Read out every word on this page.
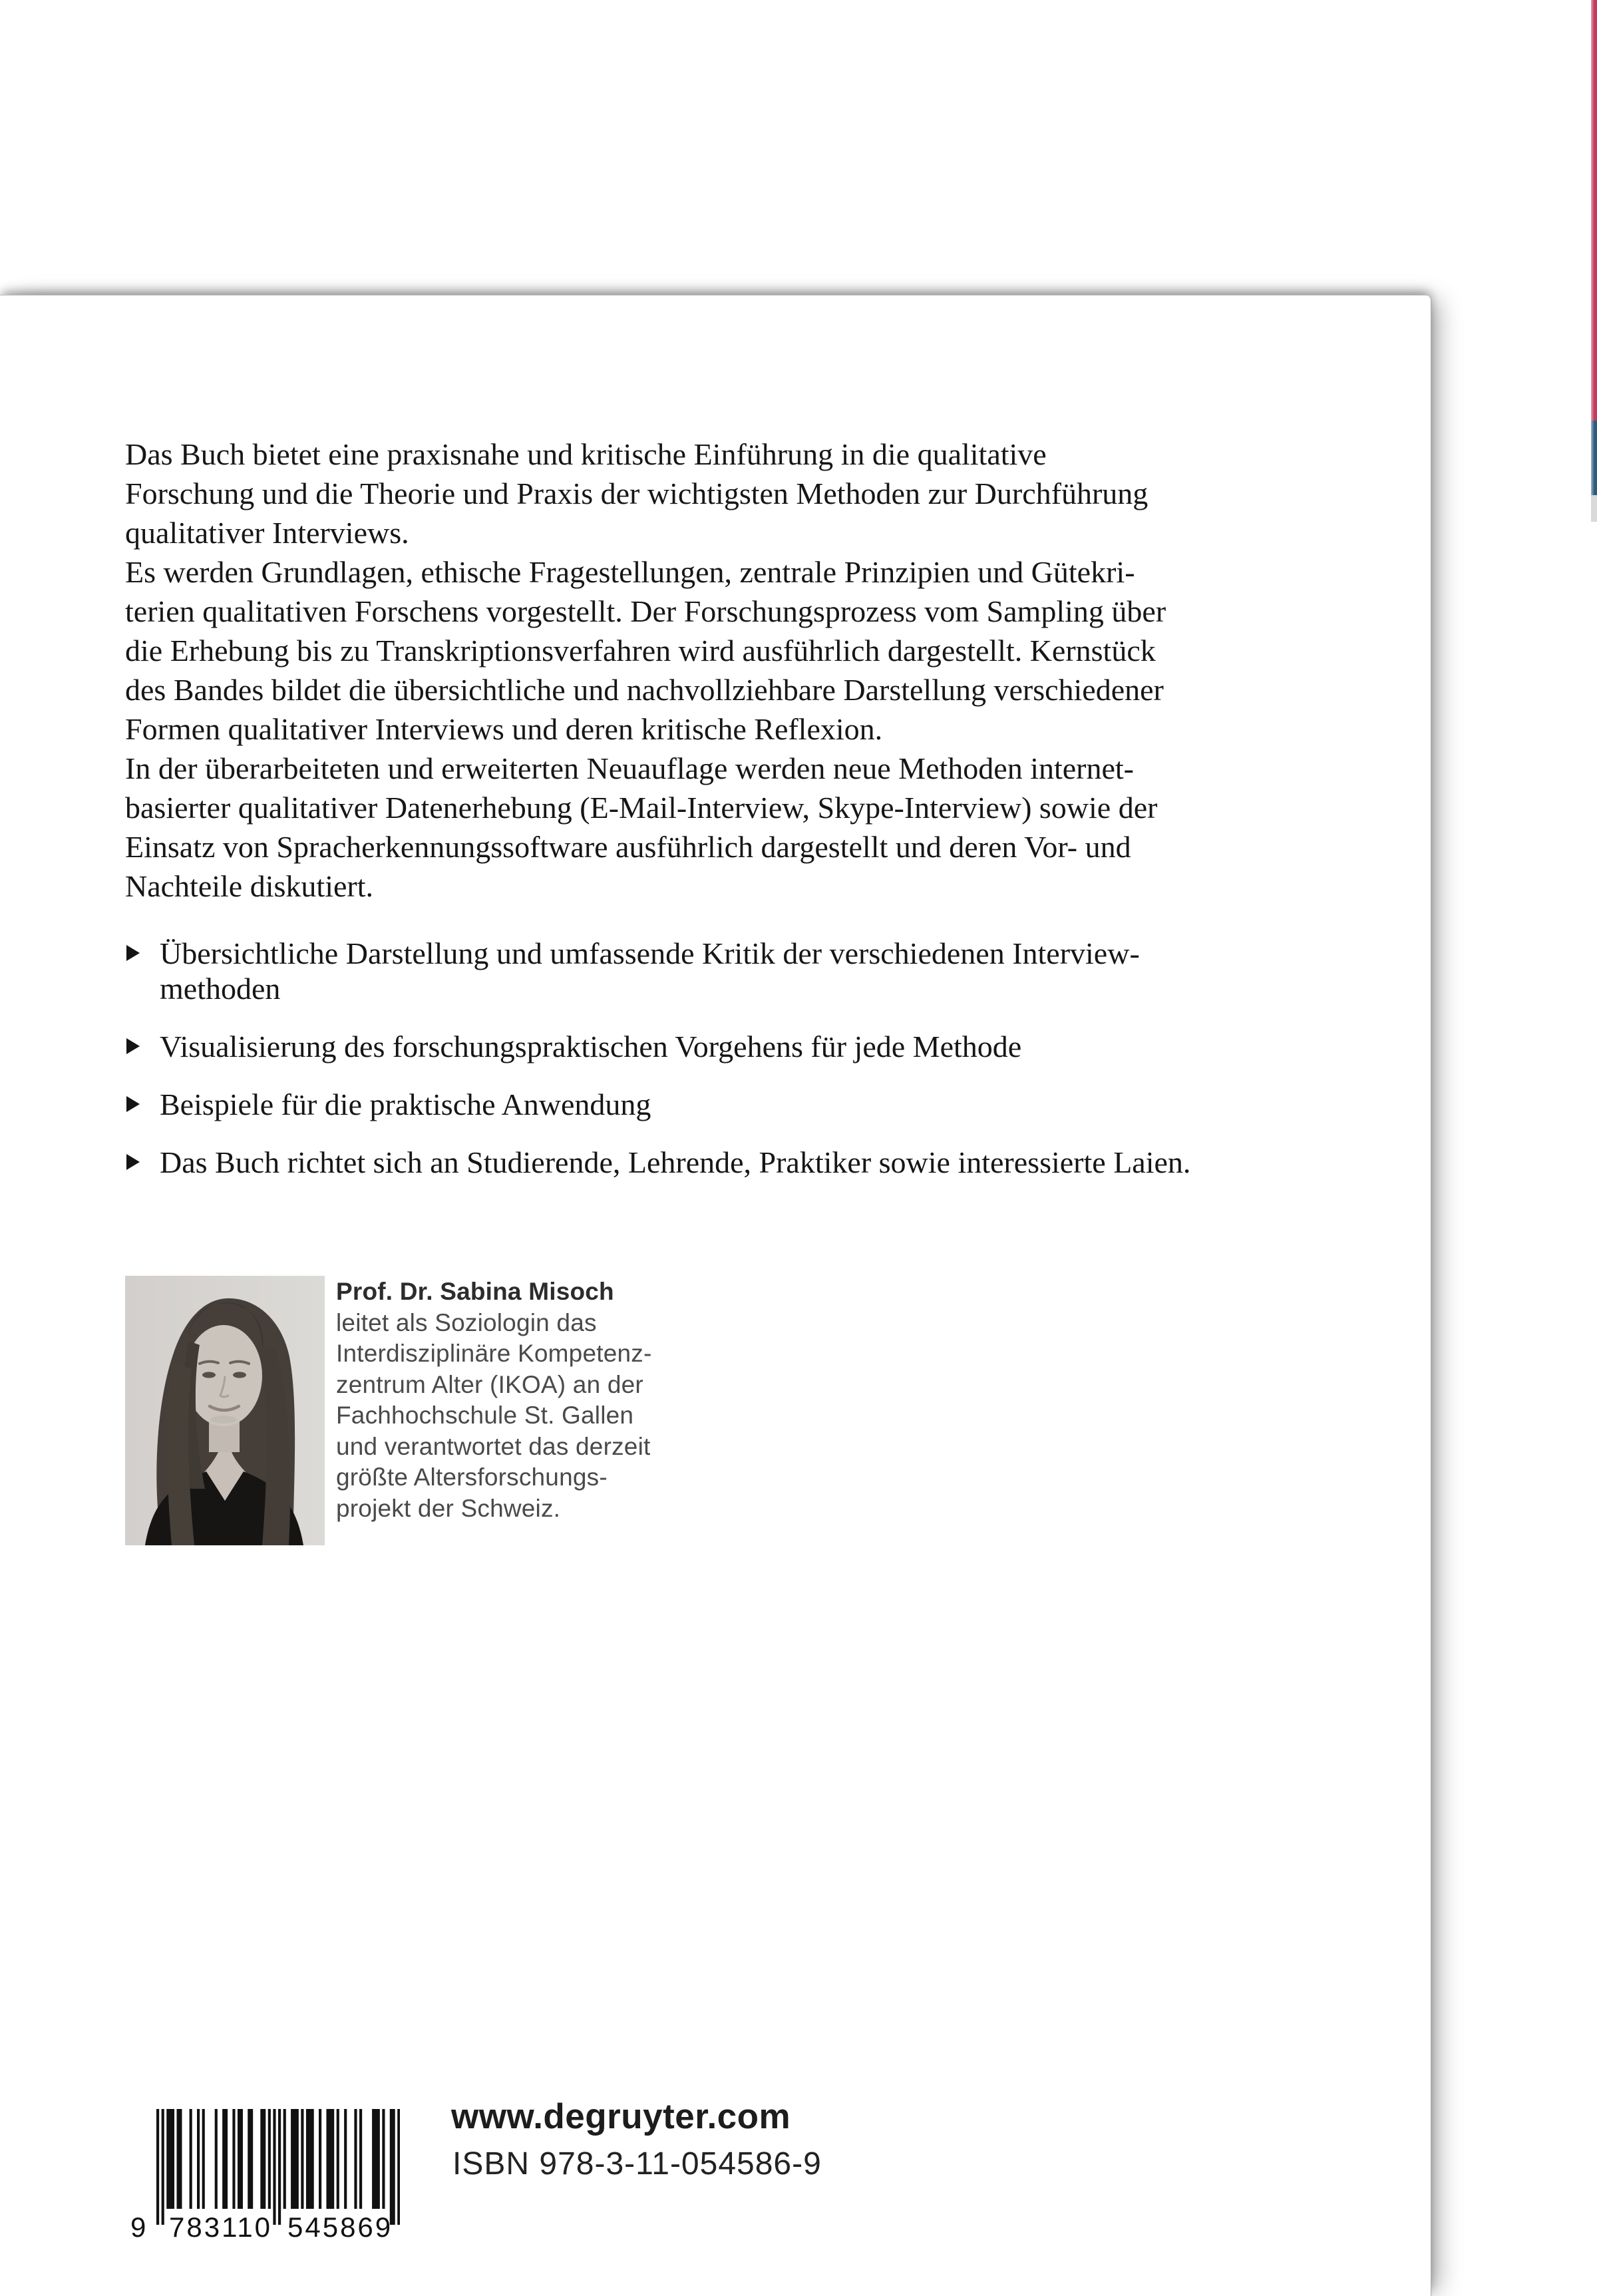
Das Buch bietet eine praxisnahe und kritische Einführung in die qualitative
Forschung und die Theorie und Praxis der wichtigsten Methoden zur Durchführung
qualitativer Interviews.
Es werden Grundlagen, ethische Fragestellungen, zentrale Prinzipien und Gütekri-
terien qualitativen Forschens vorgestellt. Der Forschungsprozess vom Sampling über
die Erhebung bis zu Transkriptionsverfahren wird ausführlich dargestellt. Kernstück
des Bandes bildet die übersichtliche und nachvollziehbare Darstellung verschiedener
Formen qualitativer Interviews und deren kritische Reflexion.
In der überarbeiteten und erweiterten Neuauflage werden neue Methoden internet-
basierter qualitativer Datenerhebung (E-Mail-Interview, Skype-Interview) sowie der
Einsatz von Spracherkennungssoftware ausführlich dargestellt und deren Vor- und
Nachteile diskutiert.
Übersichtliche Darstellung und umfassende Kritik der verschiedenen Interview-
methoden
Visualisierung des forschungspraktischen Vorgehens für jede Methode
Beispiele für die praktische Anwendung
Das Buch richtet sich an Studierende, Lehrende, Praktiker sowie interessierte Laien.
Prof. Dr. Sabina Misoch
leitet als Soziologin das
Interdisziplinäre Kompetenz-
zentrum Alter (IKOA) an der
Fachhochschule St. Gallen
und verantwortet das derzeit
größte Altersforschungs-
projekt der Schweiz.
9 783110 545869
www.degruyter.com
ISBN 978-3-11-054586-9
